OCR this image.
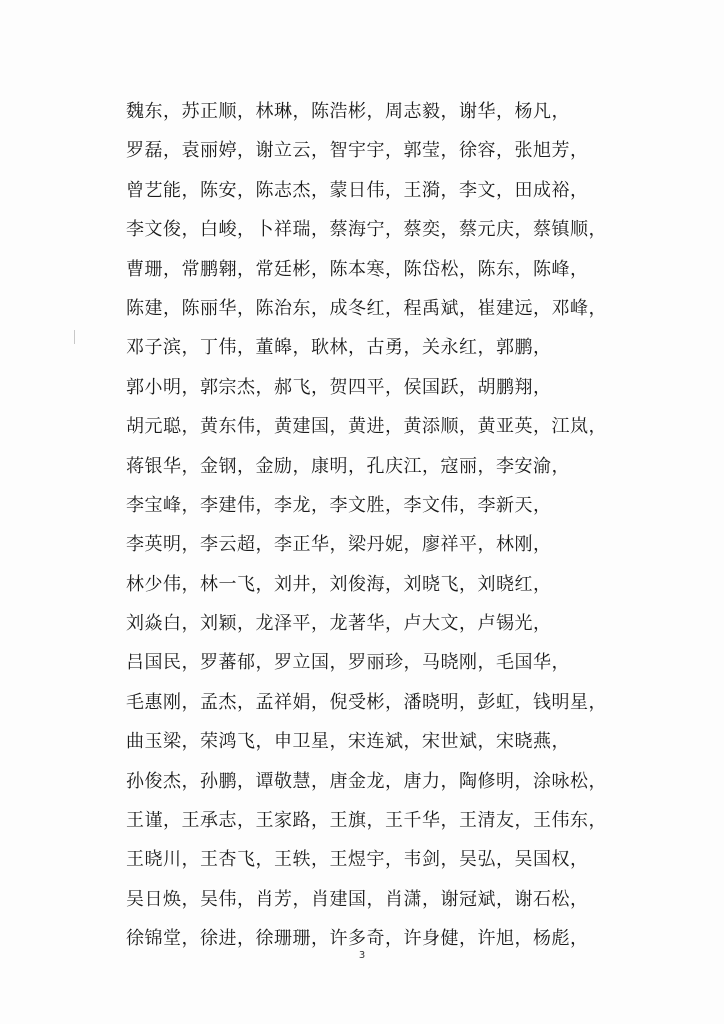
魏东，苏正顺，林琳，陈浩彬，周志毅，谢华，杨凡，
罗磊，袁丽婷，谢立云，智宇宇，郭莹，徐容，张旭芳，
曾艺能，陈安，陈志杰，蒙日伟，王漪，李文，田成裕，
李文俊，白峻，卜祥瑞，蔡海宁，蔡奕，蔡元庆，蔡镇顺，
曹珊，常鹏翱，常廷彬，陈本寒，陈岱松，陈东，陈峰，
陈建，陈丽华，陈治东，成冬红，程禹斌，崔建远，邓峰，
邓子滨，丁伟，董皞，耿林，古勇，关永红，郭鹏，
郭小明，郭宗杰，郝飞，贺四平，侯国跃，胡鹏翔，
胡元聪，黄东伟，黄建国，黄进，黄添顺，黄亚英，江岚，
蒋银华，金钢，金励，康明，孔庆江，寇丽，李安渝，
李宝峰，李建伟，李龙，李文胜，李文伟，李新天，
李英明，李云超，李正华，梁丹妮，廖祥平，林刚，
林少伟，林一飞，刘井，刘俊海，刘晓飞，刘晓红，
刘焱白，刘颖，龙泽平，龙著华，卢大文，卢锡光，
吕国民，罗蕃郁，罗立国，罗丽珍，马晓刚，毛国华，
毛惠刚，孟杰，孟祥娟，倪受彬，潘晓明，彭虹，钱明星，
曲玉梁，荣鸿飞，申卫星，宋连斌，宋世斌，宋晓燕，
孙俊杰，孙鹏，谭敬慧，唐金龙，唐力，陶修明，涂咏松，
王谨，王承志，王家路，王旗，王千华，王清友，王伟东，
王晓川，王杏飞，王轶，王煜宇，韦剑，吴弘，吴国权，
吴日焕，吴伟，肖芳，肖建国，肖潇，谢冠斌，谢石松，
徐锦堂，徐进，徐珊珊，许多奇，许身健，许旭，杨彪，
3
